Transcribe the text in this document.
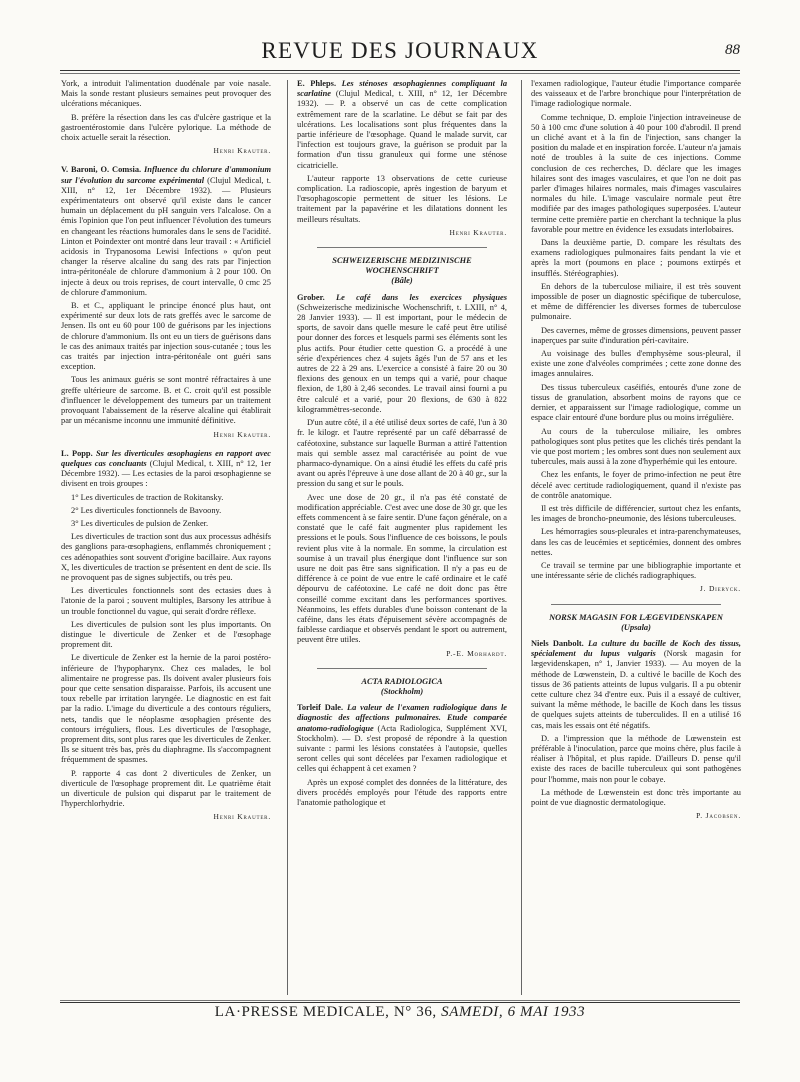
REVUE DES JOURNAUX	88

York, a introduit l'alimentation duodénale par voie nasale. Mais la sonde restant plusieurs semaines peut provoquer des ulcérations mécaniques.

B. préfère la résection dans les cas d'ulcère gastrique et la gastroentérostomie dans l'ulcère pylorique. La méthode de choix actuelle serait la résection.

Henri Krauter.

V. Baroni, O. Comsia. Influence du chlorure d'ammonium sur l'évolution du sarcome expérimental (Clujul Medical, t. XIII, n° 12, 1er Décembre 1932). — Plusieurs expérimentateurs ont observé qu'il existe dans le cancer humain un déplacement du pH sanguin vers l'alcalose. On a émis l'opinion que l'on peut influencer l'évolution des tumeurs en changeant les réactions humorales dans le sens de l'acidité. Linton et Poindexter ont montré dans leur travail : « Artificiel acidosis in Trypanosoma Lewisi Infections » qu'on peut changer la réserve alcaline du sang des rats par l'injection intra-péritonéale de chlorure d'ammonium à 2 pour 100. On injecte à deux ou trois reprises, de court intervalle, 0 cmc 25 de chlorure d'ammonium.

B. et C., appliquant le principe énoncé plus haut, ont expérimenté sur deux lots de rats greffés avec le sarcome de Jensen. Ils ont eu 60 pour 100 de guérisons par les injections de chlorure d'ammonium. Ils ont eu un tiers de guérisons dans le cas des animaux traités par injection sous-cutanée ; tous les cas traités par injection intra-péritonéale ont guéri sans exception.

Tous les animaux guéris se sont montré réfractaires à une greffe ultérieure de sarcome. B. et C. croit qu'il est possible d'influencer le développement des tumeurs par un traitement provoquant l'abaissement de la réserve alcaline qui établirait par un mécanisme inconnu une immunité définitive.

Henri Krauter.

L. Popp. Sur les diverticules œsophagiens en rapport avec quelques cas concluants (Clujul Medical, t. XIII, n° 12, 1er Décembre 1932). — Les ectasies de la paroi œsophagienne se divisent en trois groupes :

1° Les diverticules de traction de Rokitansky.

2° Les diverticules fonctionnels de Bavoony.

3° Les diverticules de pulsion de Zenker.

Les diverticules de traction sont dus aux processus adhésifs des ganglions para-œsophagiens, enflammés chroniquement ; ces adénopathies sont souvent d'origine bacillaire. Aux rayons X, les diverticules de traction se présentent en dent de scie. Ils ne provoquent pas de signes subjectifs, ou très peu.

Les diverticules fonctionnels sont des ectasies dues à l'atonie de la paroi ; souvent multiples, Barsony les attribue à un trouble fonctionnel du vague, qui serait d'ordre réflexe.

Les diverticules de pulsion sont les plus importants. On distingue le diverticule de Zenker et de l'œsophage proprement dit.

Le diverticule de Zenker est la hernie de la paroi postéro-inférieure de l'hypopharynx. Chez ces malades, le bol alimentaire ne progresse pas. Ils doivent avaler plusieurs fois pour que cette sensation disparaisse. Parfois, ils accusent une toux rebelle par irritation laryngée. Le diagnostic en est fait par la radio. L'image du diverticule a des contours réguliers, nets, tandis que le néoplasme œsophagien présente des contours irréguliers, flous. Les diverticules de l'œsophage, proprement dits, sont plus rares que les diverticules de Zenker. Ils se situent très bas, près du diaphragme. Ils s'accompagnent fréquemment de spasmes.

P. rapporte 4 cas dont 2 diverticules de Zenker, un diverticule de l'œsophage proprement dit. Le quatrième était un diverticule de pulsion qui disparut par le traitement de l'hyperchlorhydrie.

Henri Krauter.

E. Phleps. Les sténoses œsophagiennes compliquant la scarlatine (Clujul Medical, t. XIII, n° 12, 1er Décembre 1932). — P. a observé un cas de cette complication extrêmement rare de la scarlatine. Le début se fait par des ulcérations. Les localisations sont plus fréquentes dans la partie inférieure de l'œsophage. Quand le malade survit, car l'infection est toujours grave, la guérison se produit par la formation d'un tissu granuleux qui forme une sténose cicatricielle.

L'auteur rapporte 13 observations de cette curieuse complication. La radioscopie, après ingestion de baryum et l'œsophagoscopie permettent de situer les lésions. Le traitement par la papavérine et les dilatations donnent les meilleurs résultats.

Henri Krauter.
SCHWEIZERISCHE MEDIZINISCHE WOCHENSCHRIFT
(Bâle)

Grober. Le café dans les exercices physiques (Schweizerische medizinische Wochenschrift, t. LXIII, n° 4, 28 Janvier 1933). — Il est important, pour le médecin de sports, de savoir dans quelle mesure le café peut être utilisé pour donner des forces et lesquels parmi ses éléments sont les plus actifs. Pour étudier cette question G. a procédé à une série d'expériences chez 4 sujets âgés l'un de 57 ans et les autres de 22 à 29 ans. L'exercice a consisté à faire 20 ou 30 flexions des genoux en un temps qui a varié, pour chaque flexion, de 1,80 à 2,46 secondes. Le travail ainsi fourni a pu être calculé et a varié, pour 20 flexions, de 630 à 822 kilogrammètres-seconde.

D'un autre côté, il a été utilisé deux sortes de café, l'un à 30 fr. le kilogr. et l'autre représenté par un café débarrassé de caféotoxine, substance sur laquelle Burman a attiré l'attention mais qui semble assez mal caractérisée au point de vue pharmaco-dynamique. On a ainsi étudié les effets du café pris avant ou après l'épreuve à une dose allant de 20 à 40 gr., sur la pression du sang et sur le pouls.

Avec une dose de 20 gr., il n'a pas été constaté de modification appréciable. C'est avec une dose de 30 gr. que les effets commencent à se faire sentir. D'une façon générale, on a constaté que le café fait augmenter plus rapidement les pressions et le pouls. Sous l'influence de ces boissons, le pouls revient plus vite à la normale. En somme, la circulation est soumise à un travail plus énergique dont l'influence sur son usure ne doit pas être sans signification. Il n'y a pas eu de différence à ce point de vue entre le café ordinaire et le café dépourvu de caféotoxine. Le café ne doit donc pas être conseillé comme excitant dans les performances sportives. Néanmoins, les effets durables d'une boisson contenant de la caféine, dans les états d'épuisement sévère accompagnés de faiblesse cardiaque et observés pendant le sport ou autrement, peuvent être utiles.

P.-E. Morhardt.
ACTA RADIOLOGICA
(Stockholm)

Torleif Dale. La valeur de l'examen radiologique dans le diagnostic des affections pulmonaires. Etude comparée anatomo-radiologique (Acta Radiologica, Supplément XVI, Stockholm). — D. s'est proposé de répondre à la question suivante : parmi les lésions constatées à l'autopsie, quelles seront celles qui sont décelées par l'examen radiologique et celles qui échappent à cet examen ?

Après un exposé complet des données de la littérature, des divers procédés employés pour l'étude des rapports entre l'anatomie pathologique et

l'examen radiologique, l'auteur étudie l'importance comparée des vaisseaux et de l'arbre bronchique pour l'interprétation de l'image radiologique normale.

Comme technique, D. emploie l'injection intraveineuse de 50 à 100 cmc d'une solution à 40 pour 100 d'abrodil. Il prend un cliché avant et à la fin de l'injection, sans changer la position du malade et en inspiration forcée. L'auteur n'a jamais noté de troubles à la suite de ces injections. Comme conclusion de ces recherches, D. déclare que les images hilaires sont des images vasculaires, et que l'on ne doit pas parler d'images hilaires normales, mais d'images vasculaires normales du hile. L'image vasculaire normale peut être modifiée par des images pathologiques superposées. L'auteur termine cette première partie en cherchant la technique la plus favorable pour mettre en évidence les exsudats interlobaires.

Dans la deuxième partie, D. compare les résultats des examens radiologiques pulmonaires faits pendant la vie et après la mort (poumons en place ; poumons extirpés et insufflés. Stéréographies).

En dehors de la tuberculose miliaire, il est très souvent impossible de poser un diagnostic spécifique de tuberculose, et même de différencier les diverses formes de tuberculose pulmonaire.

Des cavernes, même de grosses dimensions, peuvent passer inaperçues par suite d'induration péri-cavitaire.

Au voisinage des bulles d'emphysème sous-pleural, il existe une zone d'alvéoles comprimées ; cette zone donne des images annulaires.

Des tissus tuberculeux caséifiés, entourés d'une zone de tissus de granulation, absorbent moins de rayons que ce dernier, et apparaissent sur l'image radiologique, comme un espace clair entouré d'une bordure plus ou moins irrégulière.

Au cours de la tuberculose miliaire, les ombres pathologiques sont plus petites que les clichés tirés pendant la vie que post mortem ; les ombres sont dues non seulement aux tubercules, mais aussi à la zone d'hyperhémie qui les entoure.

Chez les enfants, le foyer de primo-infection ne peut être décelé avec certitude radiologiquement, quand il n'existe pas de contrôle anatomique.

Il est très difficile de différencier, surtout chez les enfants, les images de broncho-pneumonie, des lésions tuberculeuses.

Les hémorragies sous-pleurales et intra-parenchymateuses, dans les cas de leucémies et septicémies, donnent des ombres nettes.

Ce travail se termine par une bibliographie importante et une intéressante série de clichés radiographiques.

J. Dieryck.
NORSK MAGASIN FOR LÆGEVIDENSKAPEN
(Upsala)

Niels Danbolt. La culture du bacille de Koch des tissus, spécialement du lupus vulgaris (Norsk magasin for lægevidenskapen, n° 1, Janvier 1933). — Au moyen de la méthode de Lœwenstein, D. a cultivé le bacille de Koch des tissus de 36 patients atteints de lupus vulgaris. Il a pu obtenir cette culture chez 34 d'entre eux. Puis il a essayé de cultiver, suivant la même méthode, le bacille de Koch dans les tissus de quelques sujets atteints de tuberculides. Il en a utilisé 16 cas, mais les essais ont été négatifs.

D. a l'impression que la méthode de Lœwenstein est préférable à l'inoculation, parce que moins chère, plus facile à réaliser à l'hôpital, et plus rapide. D'ailleurs D. pense qu'il existe des races de bacille tuberculeux qui sont pathogènes pour l'homme, mais non pour le cobaye.

La méthode de Lœwenstein est donc très importante au point de vue diagnostic dermatologique.

P. Jacobsen.
LA·PRESSE MEDICALE, N° 36, SAMEDI, 6 MAI 1933
